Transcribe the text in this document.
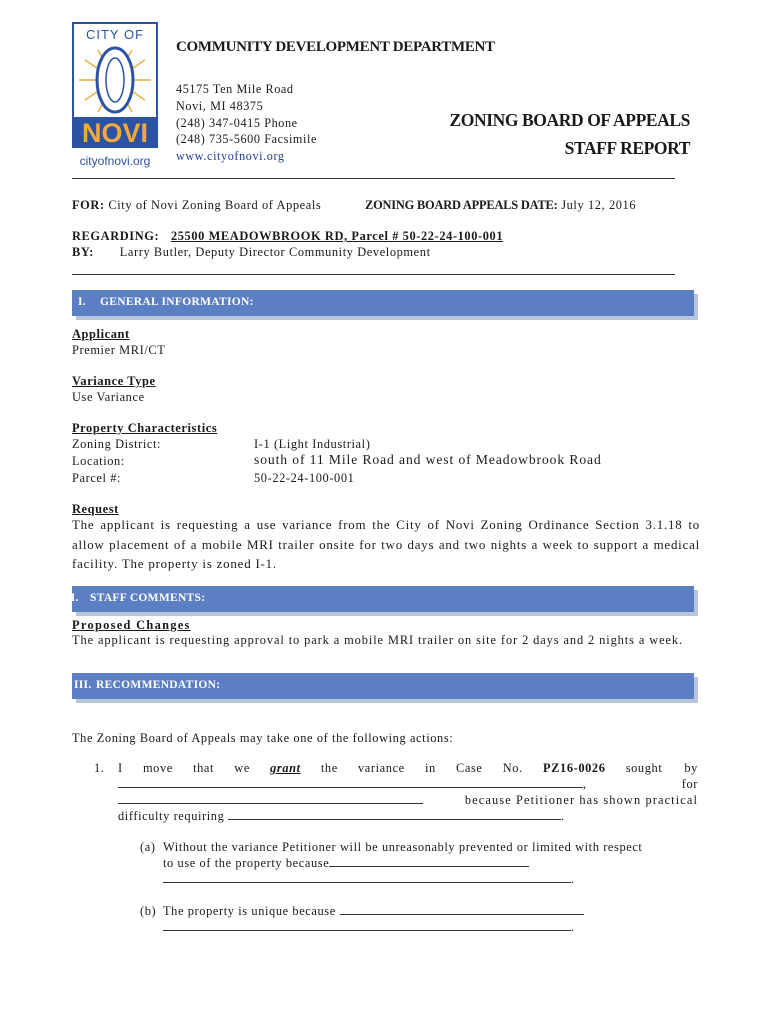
CITY OF
NOVI
cityofnovi.org
COMMUNITY DEVELOPMENT DEPARTMENT
45175 Ten Mile Road
Novi, MI 48375
(248) 347-0415 Phone
(248) 735-5600 Facsimile
www.cityofnovi.org
ZONING BOARD OF APPEALS
STAFF REPORT
FOR: City of Novi Zoning Board of Appeals	ZONING BOARD APPEALS DATE: July 12, 2016
REGARDING: 25500 MEADOWBROOK RD, Parcel # 50-22-24-100-001
BY: Larry Butler, Deputy Director Community Development
I. GENERAL INFORMATION:
Applicant
Premier MRI/CT
Variance Type
Use Variance
Property Characteristics
Zoning District:	I-1 (Light Industrial)
Location:	south of 11 Mile Road and west of Meadowbrook Road
Parcel #:	50-22-24-100-001
Request
The applicant is requesting a use variance from the City of Novi Zoning Ordinance Section 3.1.18 to allow placement of a mobile MRI trailer onsite for two days and two nights a week to support a medical facility. The property is zoned I-1.
II. STAFF COMMENTS:
Proposed Changes
The applicant is requesting approval to park a mobile MRI trailer on site for 2 days and 2 nights a week.
III. RECOMMENDATION:
The Zoning Board of Appeals may take one of the following actions:
1. I move that we grant the variance in Case No. PZ16-0026 sought by
,	for
because Petitioner has shown practical
difficulty requiring	.
(a) Without the variance Petitioner will be unreasonably prevented or limited with respect
to use of the property because
.
(b) The property is unique because
.
